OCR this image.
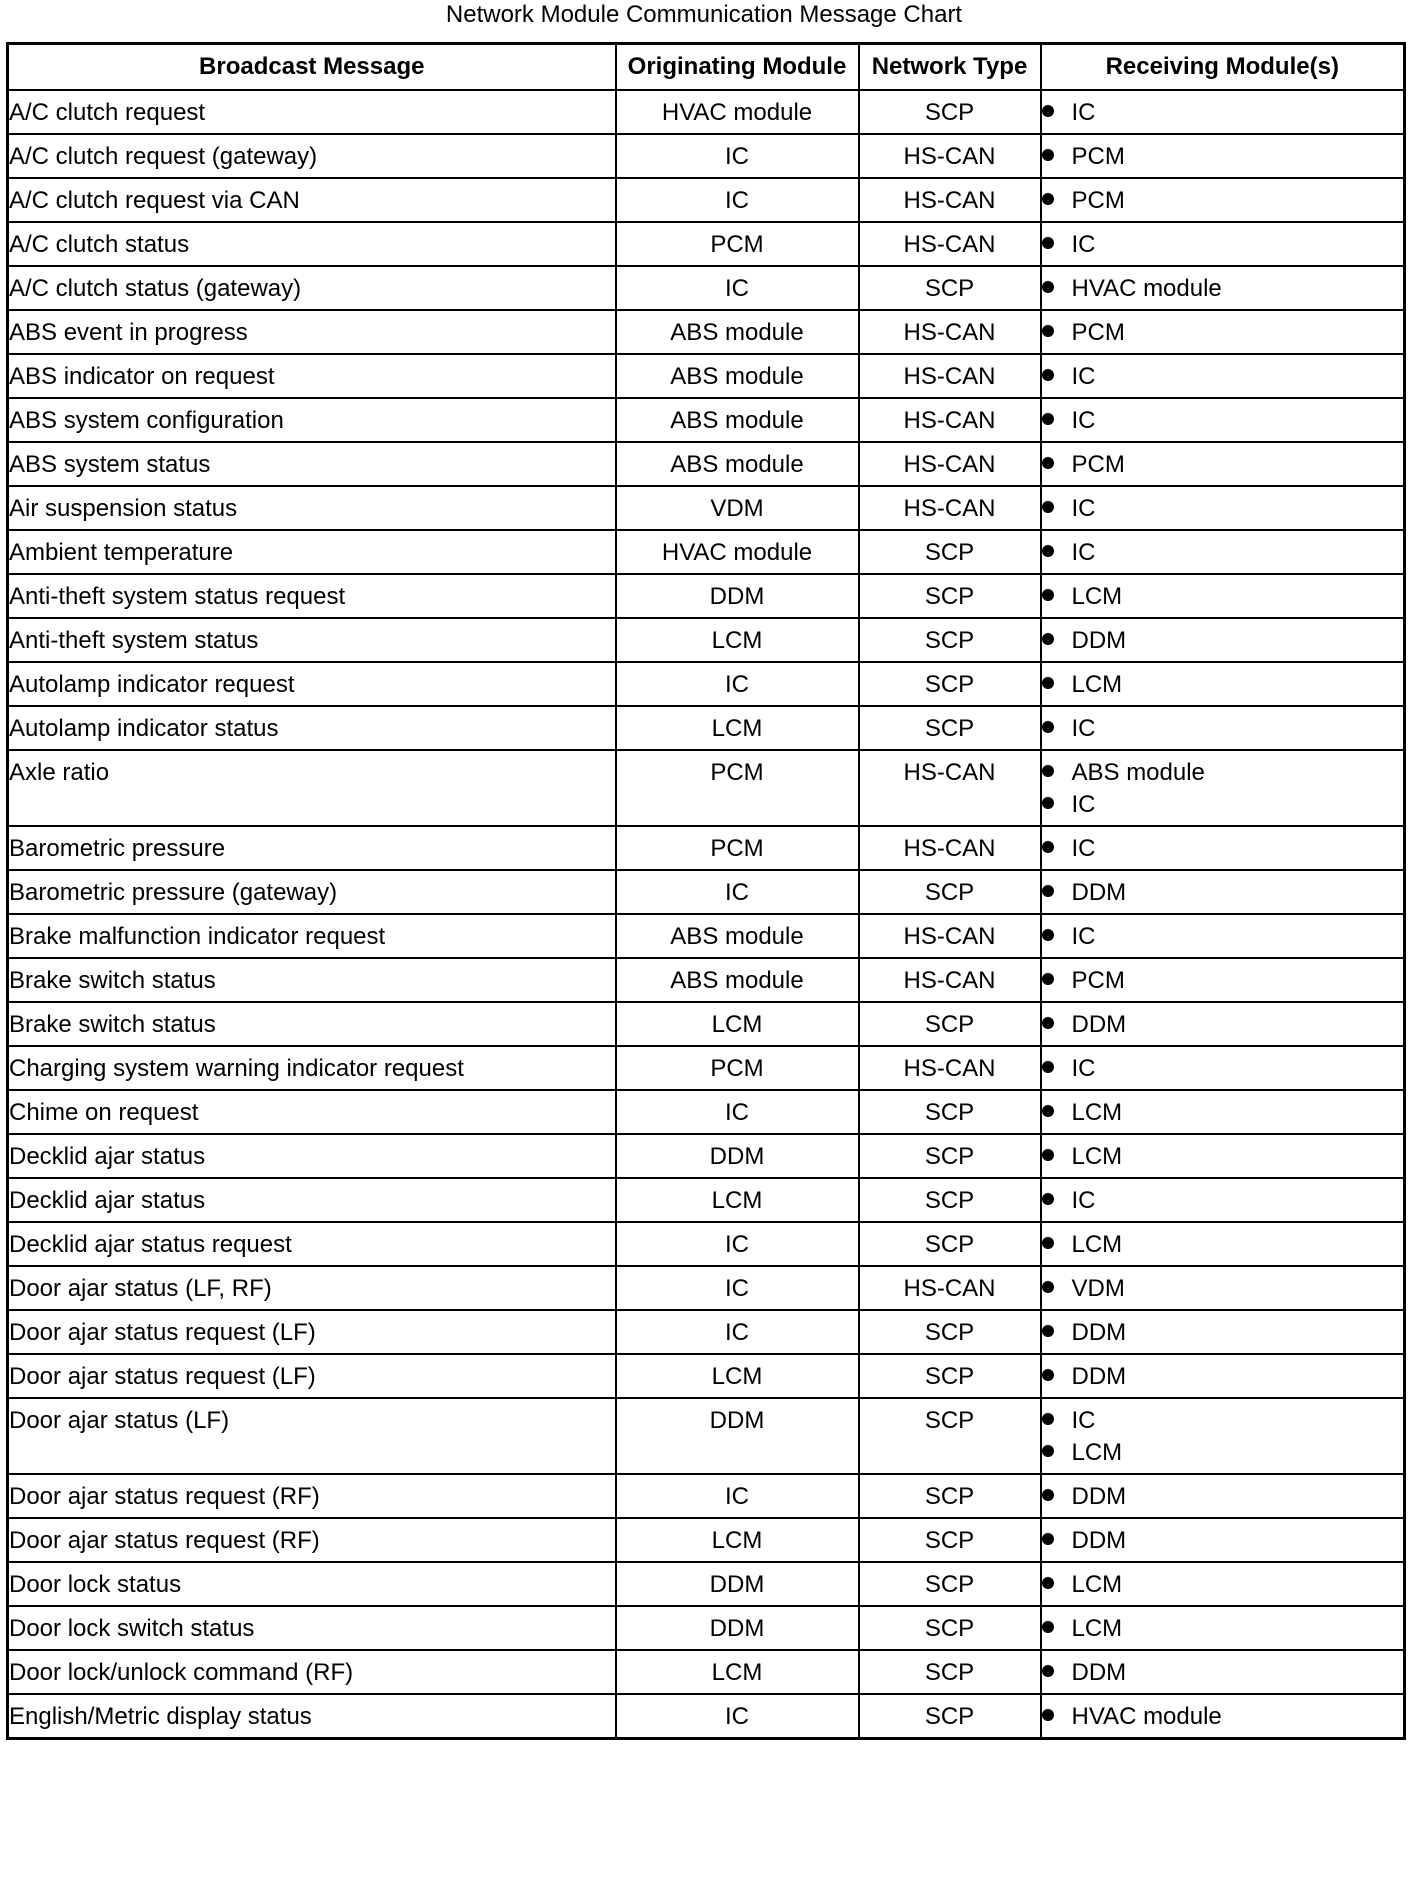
Network Module Communication Message Chart
Broadcast Message	Originating Module	Network Type	Receiving Module(s)
A/C clutch request	HVAC module	SCP	IC

A/C clutch request (gateway)	IC	HS-CAN	PCM

A/C clutch request via CAN	IC	HS-CAN	PCM

A/C clutch status	PCM	HS-CAN	IC

A/C clutch status (gateway)	IC	SCP	HVAC module

ABS event in progress	ABS module	HS-CAN	PCM

ABS indicator on request	ABS module	HS-CAN	IC

ABS system configuration	ABS module	HS-CAN	IC

ABS system status	ABS module	HS-CAN	PCM

Air suspension status	VDM	HS-CAN	IC

Ambient temperature	HVAC module	SCP	IC

Anti-theft system status request	DDM	SCP	LCM

Anti-theft system status	LCM	SCP	DDM

Autolamp indicator request	IC	SCP	LCM

Autolamp indicator status	LCM	SCP	IC

Axle ratio	PCM	HS-CAN	ABS module
IC

Barometric pressure	PCM	HS-CAN	IC

Barometric pressure (gateway)	IC	SCP	DDM

Brake malfunction indicator request	ABS module	HS-CAN	IC

Brake switch status	ABS module	HS-CAN	PCM

Brake switch status	LCM	SCP	DDM

Charging system warning indicator request	PCM	HS-CAN	IC

Chime on request	IC	SCP	LCM

Decklid ajar status	DDM	SCP	LCM

Decklid ajar status	LCM	SCP	IC

Decklid ajar status request	IC	SCP	LCM

Door ajar status (LF, RF)	IC	HS-CAN	VDM

Door ajar status request (LF)	IC	SCP	DDM

Door ajar status request (LF)	LCM	SCP	DDM

Door ajar status (LF)	DDM	SCP	IC
LCM

Door ajar status request (RF)	IC	SCP	DDM

Door ajar status request (RF)	LCM	SCP	DDM

Door lock status	DDM	SCP	LCM

Door lock switch status	DDM	SCP	LCM

Door lock/unlock command (RF)	LCM	SCP	DDM

English/Metric display status	IC	SCP	HVAC module
